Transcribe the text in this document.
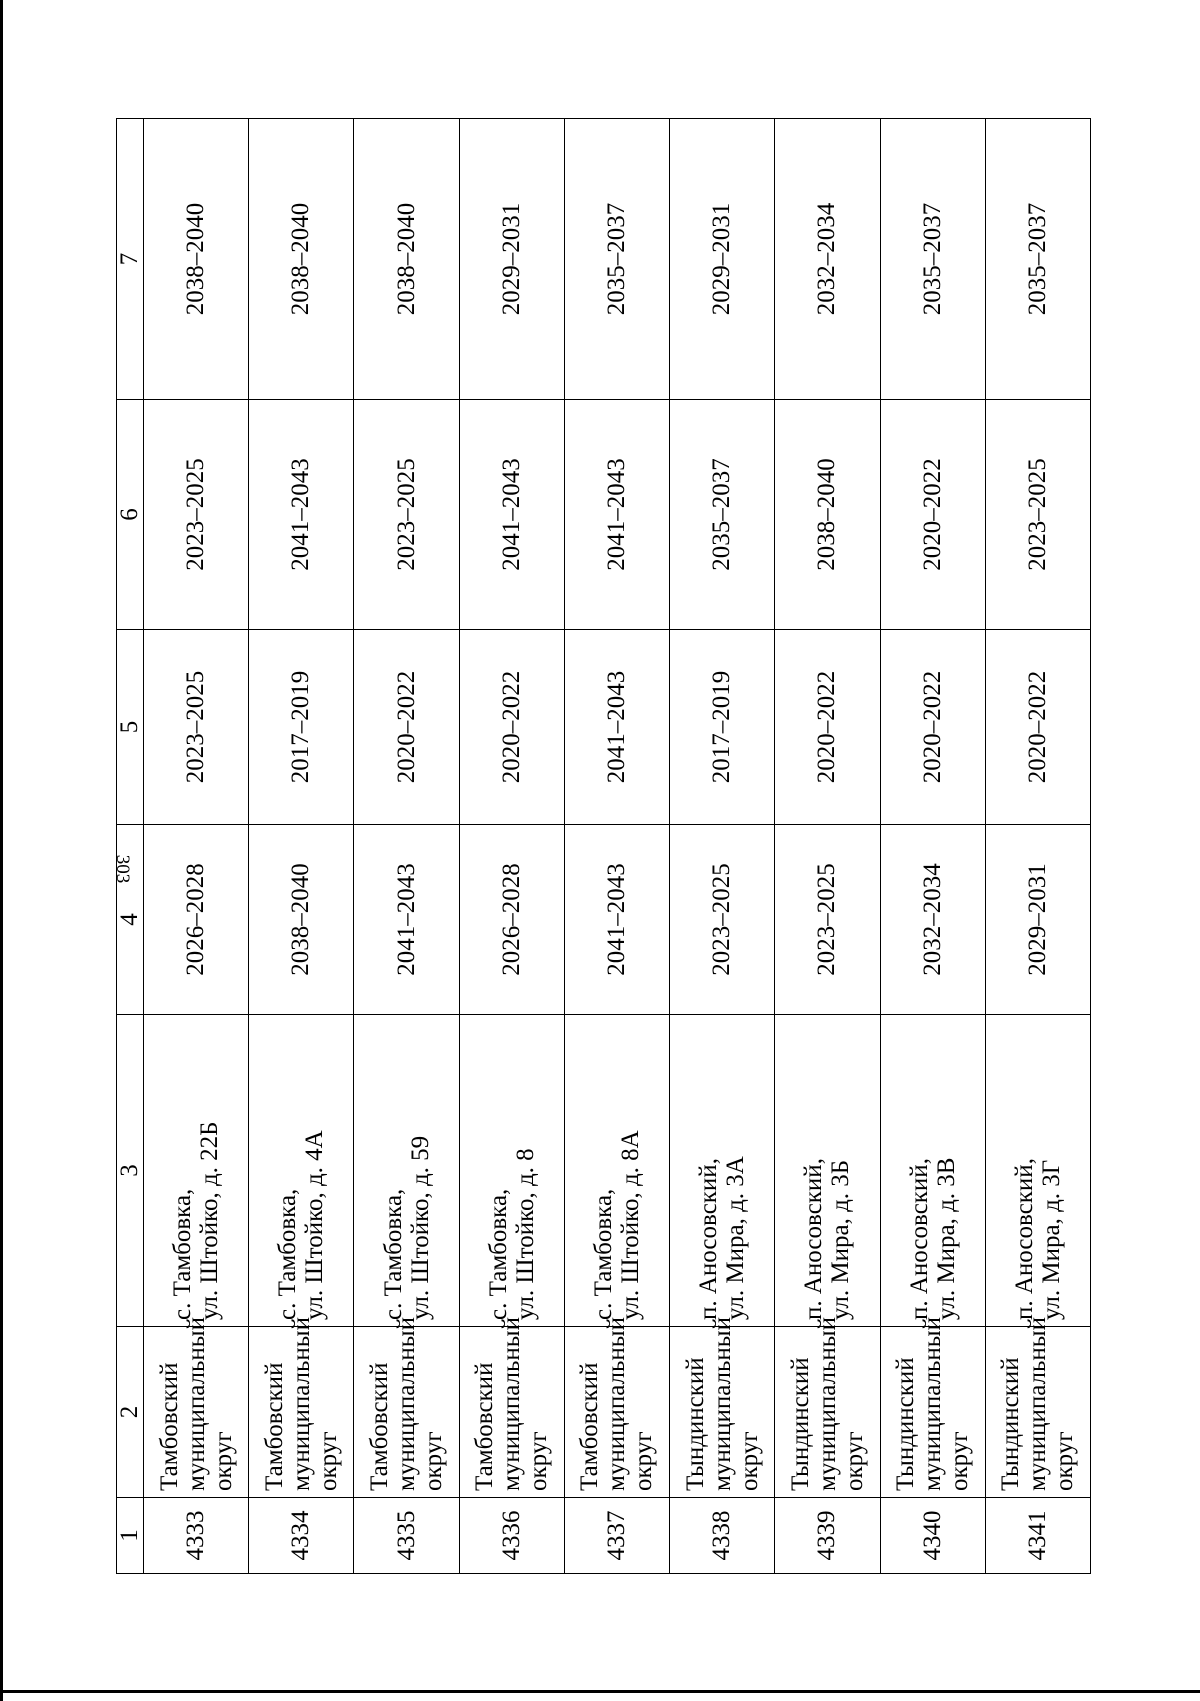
303
1	2	3	4	5	6	7
4333	Тамбовский муниципальный округ	с. Тамбовка, ул. Штойко, д. 22Б	2026–2028	2023–2025	2023–2025	2038–2040
4334	Тамбовский муниципальный округ	с. Тамбовка, ул. Штойко, д. 4А	2038–2040	2017–2019	2041–2043	2038–2040
4335	Тамбовский муниципальный округ	с. Тамбовка, ул. Штойко, д. 59	2041–2043	2020–2022	2023–2025	2038–2040
4336	Тамбовский муниципальный округ	с. Тамбовка, ул. Штойко, д. 8	2026–2028	2020–2022	2041–2043	2029–2031
4337	Тамбовский муниципальный округ	с. Тамбовка, ул. Штойко, д. 8А	2041–2043	2041–2043	2041–2043	2035–2037
4338	Тындинский муниципальный округ	п. Аносовский, ул. Мира, д. 3А	2023–2025	2017–2019	2035–2037	2029–2031
4339	Тындинский муниципальный округ	п. Аносовский, ул. Мира, д. 3Б	2023–2025	2020–2022	2038–2040	2032–2034
4340	Тындинский муниципальный округ	п. Аносовский, ул. Мира, д. 3В	2032–2034	2020–2022	2020–2022	2035–2037
4341	Тындинский муниципальный округ	п. Аносовский, ул. Мира, д. 3Г	2029–2031	2020–2022	2023–2025	2035–2037
